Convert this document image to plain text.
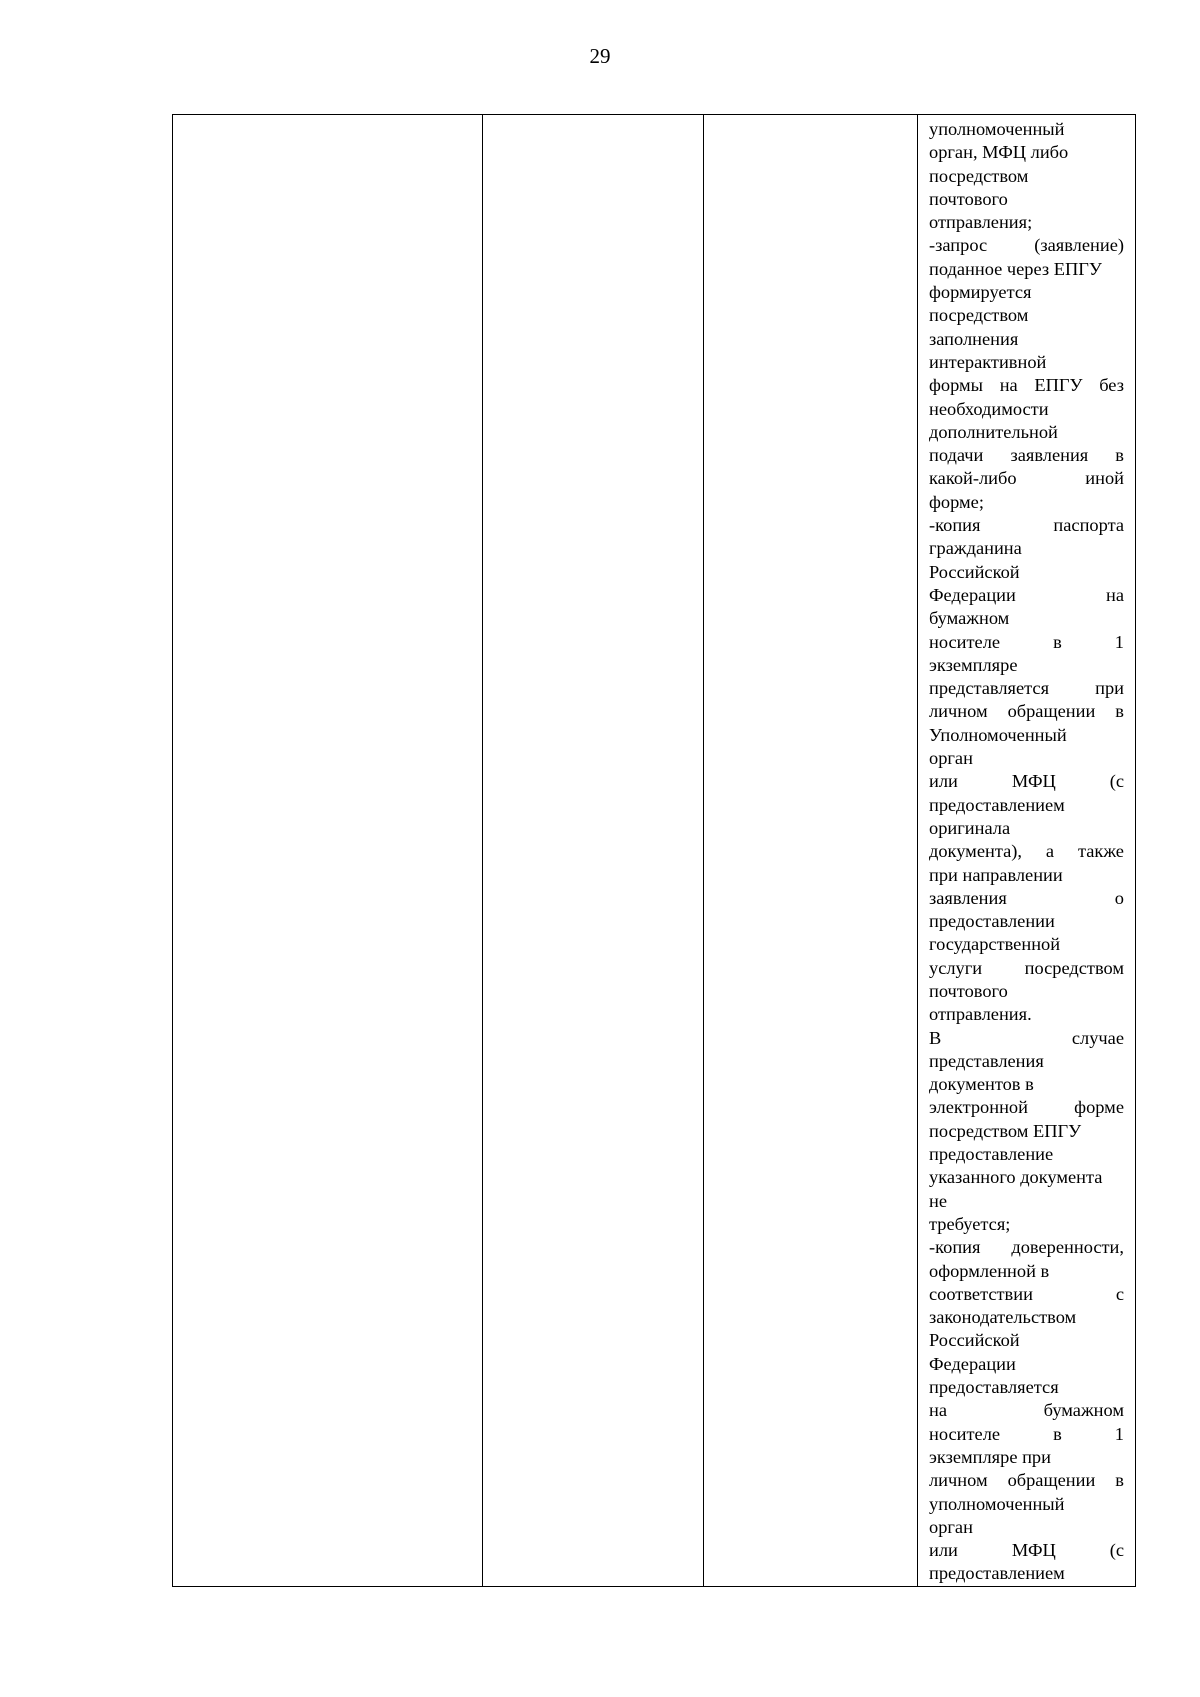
29

уполномоченный
орган, МФЦ либо
посредством
почтового
отправления;
-запрос	(заявление)
поданное через ЕПГУ
формируется
посредством
заполнения
интерактивной
формы на ЕПГУ без
необходимости
дополнительной
подачи заявления в
какой-либо	иной
форме;
-копия	паспорта
гражданина
Российской
Федерации	на
бумажном
носителе	в	1
экземпляре
представляется	при
личном обращении в
Уполномоченный
орган
или	МФЦ	(с
предоставлением
оригинала
документа), а также
при направлении
заявления	о
предоставлении
государственной
услуги посредством
почтового
отправления.
В	случае
представления
документов в
электронной	форме
посредством ЕПГУ
предоставление
указанного документа
не
требуется;
-копия доверенности,
оформленной в
соответствии	с
законодательством
Российской
Федерации
предоставляется
на	бумажном
носителе	в	1
экземпляре при
личном обращении в
уполномоченный
орган
или	МФЦ	(с
предоставлением
